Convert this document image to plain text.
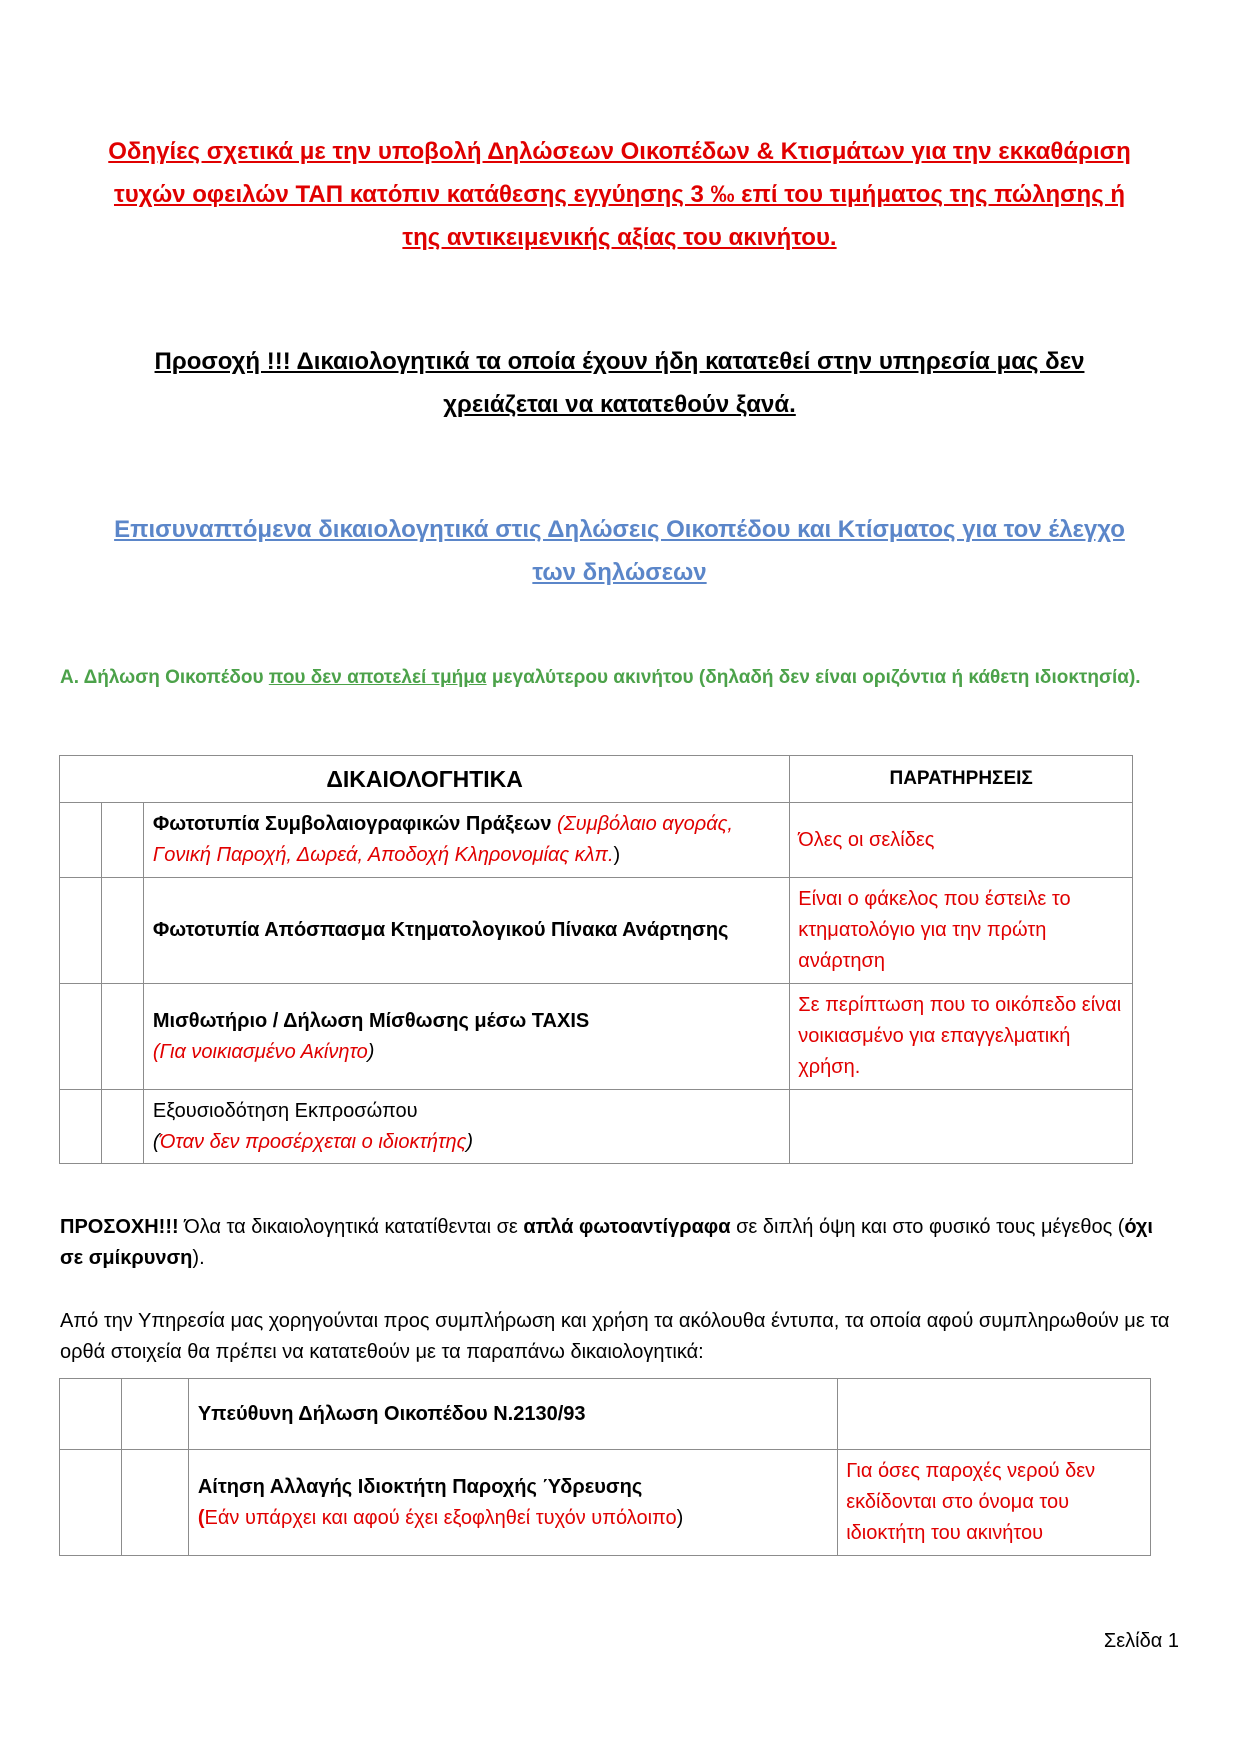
Οδηγίες σχετικά με την υποβολή Δηλώσεων Οικοπέδων & Κτισμάτων για την εκκαθάριση
τυχών οφειλών ΤΑΠ κατόπιν κατάθεσης εγγύησης 3 ‰ επί του τιμήματος της πώλησης ή
της αντικειμενικής αξίας του ακινήτου.
Προσοχή !!! Δικαιολογητικά τα οποία έχουν ήδη κατατεθεί στην υπηρεσία μας δεν
χρειάζεται να κατατεθούν ξανά.
Επισυναπτόμενα δικαιολογητικά στις Δηλώσεις Οικοπέδου και Κτίσματος για τον έλεγχο
των δηλώσεων
Α. Δήλωση Οικοπέδου που δεν αποτελεί τμήμα μεγαλύτερου ακινήτου (δηλαδή δεν είναι οριζόντια ή κάθετη ιδιοκτησία).
ΔΙΚΑΙΟΛΟΓΗΤΙΚΑ			ΠΑΡΑΤΗΡΗΣΕΙΣ
		Φωτοτυπία Συμβολαιογραφικών Πράξεων (Συμβόλαιο αγοράς, Γονική Παροχή, Δωρεά, Αποδοχή Κληρονομίας κλπ.)	Όλες οι σελίδες
		Φωτοτυπία Απόσπασμα Κτηματολογικού Πίνακα Ανάρτησης	Είναι ο φάκελος που έστειλε το κτηματολόγιο για την πρώτη ανάρτηση
		Μισθωτήριο / Δήλωση Μίσθωσης μέσω TAXIS
(Για νοικιασμένο Ακίνητο)	Σε περίπτωση που το οικόπεδο είναι νοικιασμένο για επαγγελματική χρήση.
		Εξουσιοδότηση Εκπροσώπου
(Όταν δεν προσέρχεται ο ιδιοκτήτης)	
ΠΡΟΣΟΧΗ!!! Όλα τα δικαιολογητικά κατατίθενται σε απλά φωτοαντίγραφα σε διπλή όψη και στο φυσικό τους μέγεθος (όχι σε σμίκρυνση).
Από την Υπηρεσία μας χορηγούνται προς συμπλήρωση και χρήση τα ακόλουθα έντυπα, τα οποία αφού συμπληρωθούν με τα ορθά στοιχεία θα πρέπει να κατατεθούν με τα παραπάνω δικαιολογητικά:
		Υπεύθυνη Δήλωση Οικοπέδου Ν.2130/93	
		Αίτηση Αλλαγής Ιδιοκτήτη Παροχής Ύδρευσης
(Εάν υπάρχει και αφού έχει εξοφληθεί τυχόν υπόλοιπο)	Για όσες παροχές νερού δεν εκδίδονται στο όνομα του ιδιοκτήτη του ακινήτου
Σελίδα 1
